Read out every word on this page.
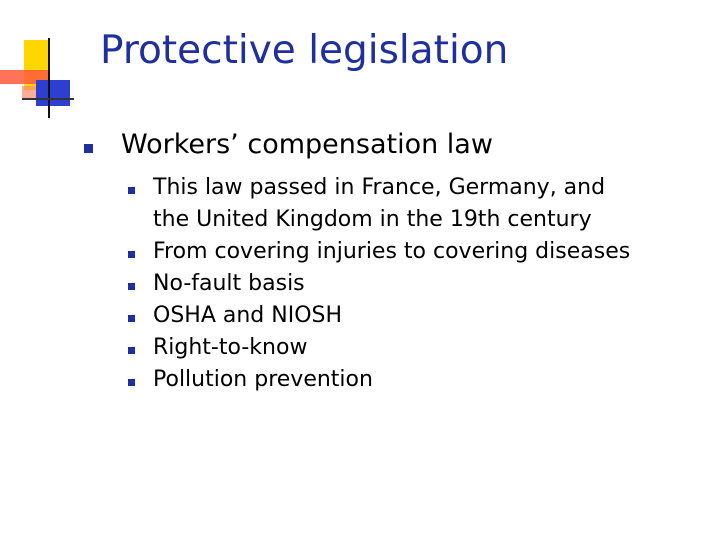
Protective legislation
Workers’ compensation law
This law passed in France, Germany, and
the United Kingdom in the 19th century
From covering injuries to covering diseases
No-fault basis
OSHA and NIOSH
Right-to-know
Pollution prevention
